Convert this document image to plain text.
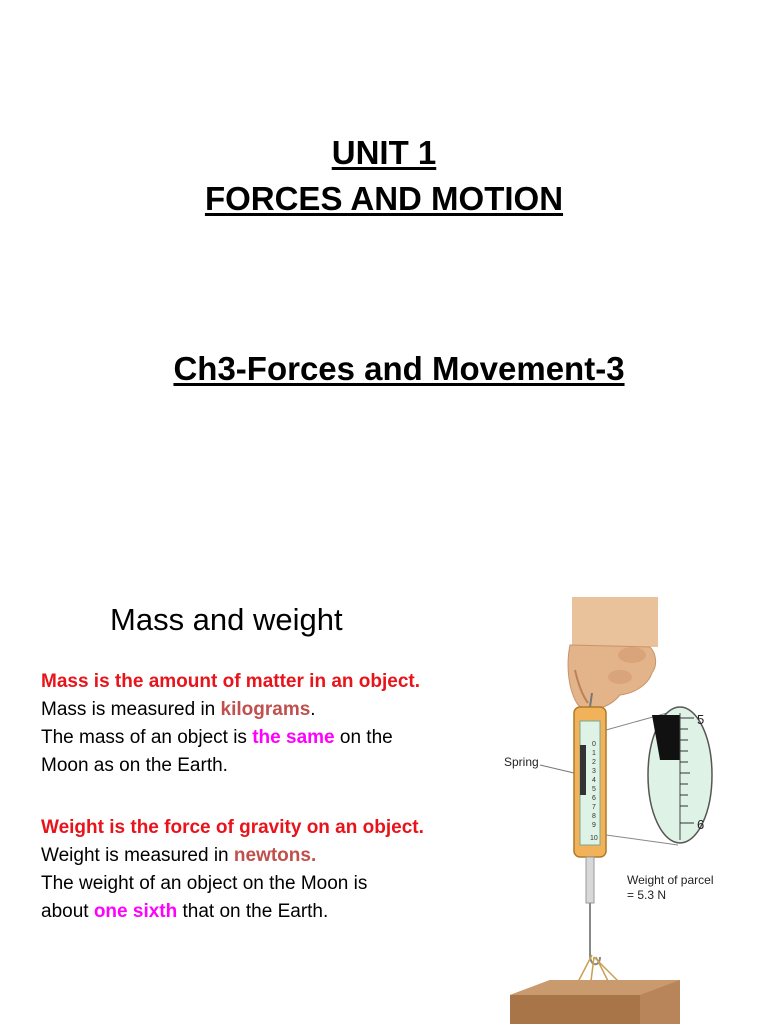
UNIT 1
FORCES AND MOTION
Ch3-Forces and Movement-3
Mass and weight
Mass is the amount of matter in an object.
Mass is measured in kilograms.
The mass of an object is the same on the
Moon as on the Earth.
Weight is the force of gravity on an object.
Weight is measured in newtons.
The weight of an object on the Moon is
about one sixth that on the Earth.
0
1
2
3
4
5
6
7
8
9
10
Spring
5
6
Weight of parcel
= 5.3 N
